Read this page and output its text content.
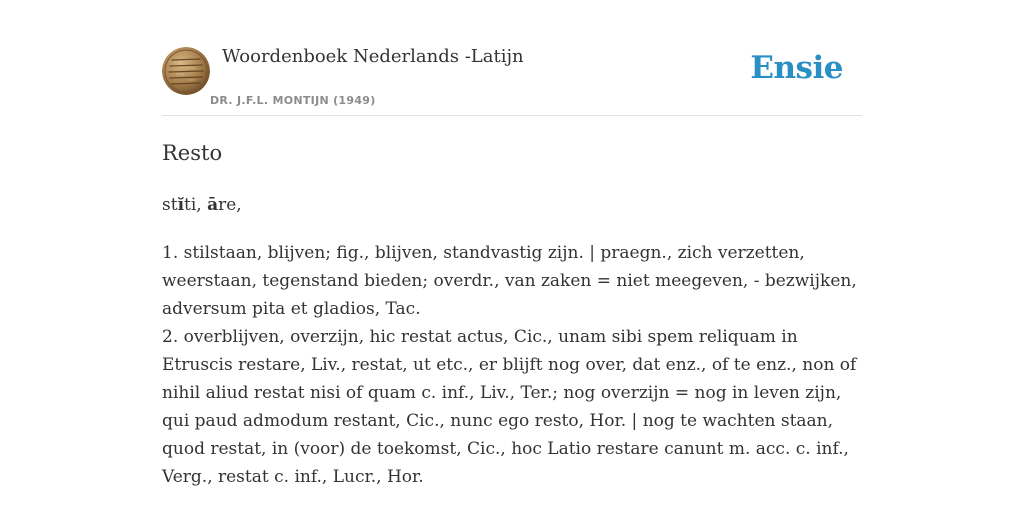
Woordenboek Nederlands -Latijn
DR. J.F.L. MONTIJN (1949)
Ensie
Resto
stĭti, āre,

1. stilstaan, blijven; fig., blijven, standvastig zijn. | praegn., zich verzetten, weerstaan, tegenstand bieden; overdr., van zaken = niet meegeven, - bezwijken, adversum pita et gladios, Tac.

2. overblijven, overzijn, hic restat actus, Cic., unam sibi spem reliquam in Etruscis restare, Liv., restat, ut etc., er blijft nog over, dat enz., of te enz., non of nihil aliud restat nisi of quam c. inf., Liv., Ter.; nog overzijn = nog in leven zijn, qui paud admodum restant, Cic., nunc ego resto, Hor. | nog te wachten staan, quod restat, in (voor) de toekomst, Cic., hoc Latio restare canunt m. acc. c. inf., Verg., restat c. inf., Lucr., Hor.
